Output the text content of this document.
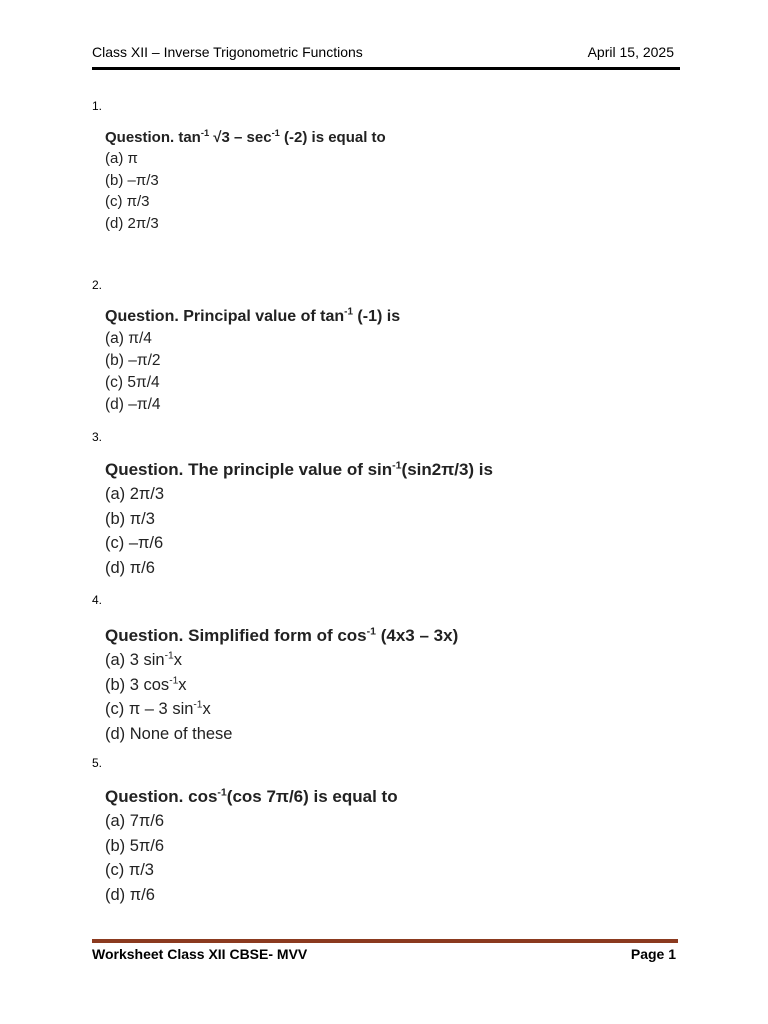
Class XII – Inverse Trigonometric Functions	April 15, 2025
1.
Question. $\tan^{-1} √3 - \sec^{-1} (-2)$ is equal to
(a) π
(b) –π/3
(c) π/3
(d) 2π/3
2.
Question. Principal value of $\tan^{-1} (-1)$ is
(a) π/4
(b) –π/2
(c) 5π/4
(d) –π/4
3.
Question. The principle value of $\sin^{-1}(\sin 2\pi/3)$ is
(a) 2π/3
(b) π/3
(c) –π/6
(d) π/6
4.
Question. Simplified form of $\cos^{-1} (4x3 - 3x)$
(a) 3 $\sin^{-1}x$
(b) 3 $\cos^{-1}x$
(c) π – 3 $\sin^{-1}x$
(d) None of these
5.
Question. $\cos^{-1}(\cos$ 7π/6) is equal to
(a) 7π/6
(b) 5π/6
(c) π/3
(d) π/6
Worksheet Class XII CBSE- MVV	Page 1
